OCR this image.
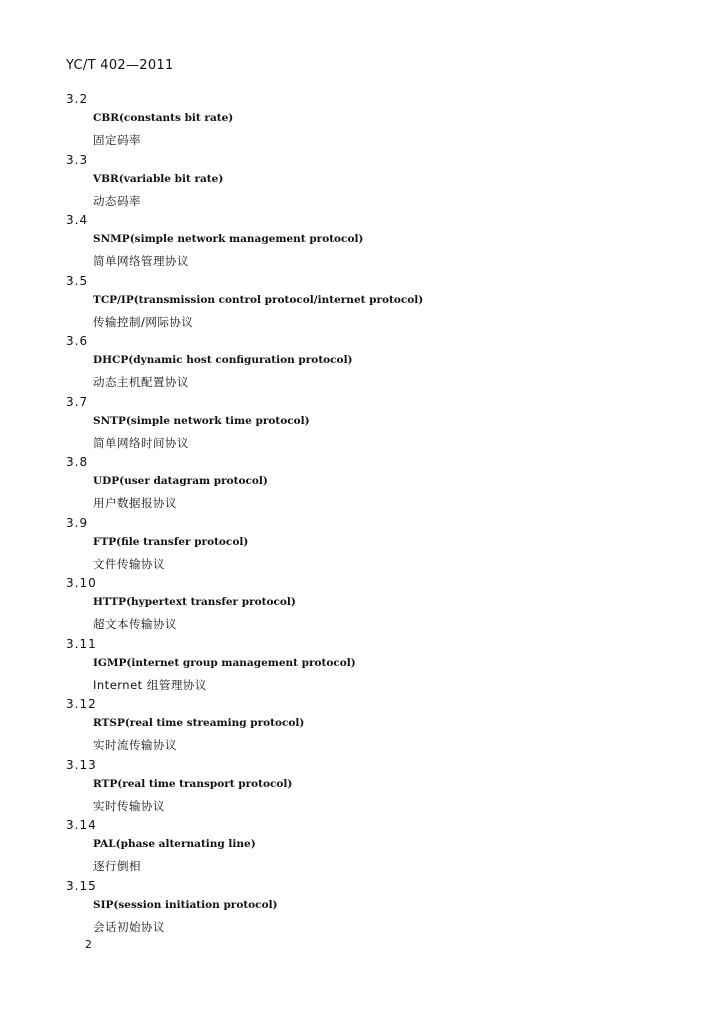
YC/T 402—2011
3.2
CBR(constants bit rate)
固定码率
3.3
VBR(variable bit rate)
动态码率
3.4
SNMP(simple network management protocol)
简单网络管理协议
3.5
TCP/IP(transmission control protocol/internet protocol)
传输控制/网际协议
3.6
DHCP(dynamic host configuration protocol)
动态主机配置协议
3.7
SNTP(simple network time protocol)
简单网络时间协议
3.8
UDP(user datagram protocol)
用户数据报协议
3.9
FTP(file transfer protocol)
文件传输协议
3.10
HTTP(hypertext transfer protocol)
超文本传输协议
3.11
IGMP(internet group management protocol)
Internet 组管理协议
3.12
RTSP(real time streaming protocol)
实时流传输协议
3.13
RTP(real time transport protocol)
实时传输协议
3.14
PAL(phase alternating line)
逐行倒相
3.15
SIP(session initiation protocol)
会话初始协议
2
